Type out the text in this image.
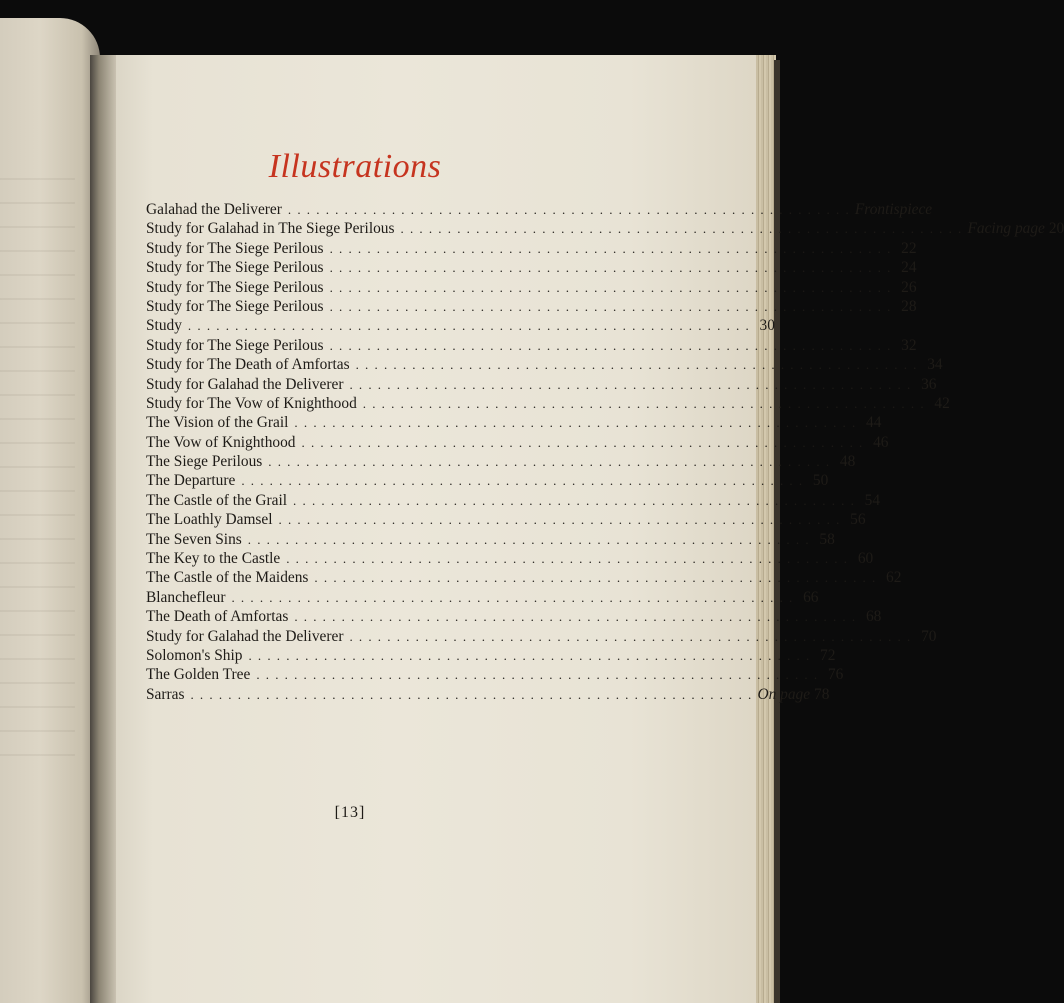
Illustrations
Galahad the Deliverer ............................................................ Frontispiece
Study for Galahad in The Siege Perilous ............................................................ Facing page 20
Study for The Siege Perilous ............................................................ 22
Study for The Siege Perilous ............................................................ 24
Study for The Siege Perilous ............................................................ 26
Study for The Siege Perilous ............................................................ 28
Study ............................................................ 30
Study for The Siege Perilous ............................................................ 32
Study for The Death of Amfortas ............................................................ 34
Study for Galahad the Deliverer ............................................................ 36
Study for The Vow of Knighthood ............................................................ 42
The Vision of the Grail ............................................................ 44
The Vow of Knighthood ............................................................ 46
The Siege Perilous ............................................................ 48
The Departure ............................................................ 50
The Castle of the Grail ............................................................ 54
The Loathly Damsel ............................................................ 56
The Seven Sins ............................................................ 58
The Key to the Castle ............................................................ 60
The Castle of the Maidens ............................................................ 62
Blanchefleur ............................................................ 66
The Death of Amfortas ............................................................ 68
Study for Galahad the Deliverer ............................................................ 70
Solomon's Ship ............................................................ 72
The Golden Tree ............................................................ 76
Sarras ............................................................ On page 78
[13]
